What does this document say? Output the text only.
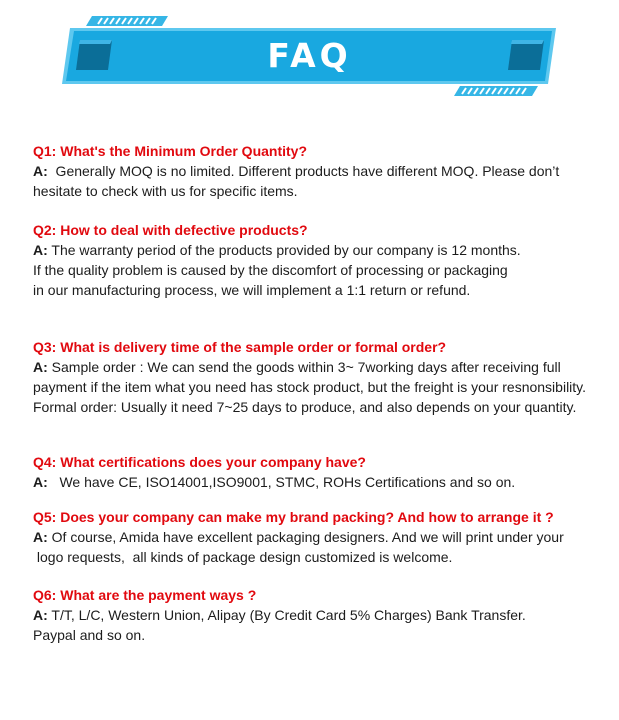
FAQ
Q1: What's the Minimum Order Quantity?
A:  Generally MOQ is no limited. Different products have different MOQ. Please don’t
hesitate to check with us for specific items.
Q2: How to deal with defective products?
A: The warranty period of the products provided by our company is 12 months.
If the quality problem is caused by the discomfort of processing or packaging
in our manufacturing process, we will implement a 1:1 return or refund.
Q3: What is delivery time of the sample order or formal order?
A: Sample order : We can send the goods within 3~ 7working days after receiving full
payment if the item what you need has stock product, but the freight is your resnonsibility.
Formal order: Usually it need 7~25 days to produce, and also depends on your quantity.
Q4: What certifications does your company have?
A:   We have CE, ISO14001,ISO9001, STMC, ROHs Certifications and so on.
Q5: Does your company can make my brand packing? And how to arrange it ?
A: Of course, Amida have excellent packaging designers. And we will print under your
logo requests,  all kinds of package design customized is welcome.
Q6: What are the payment ways ?
A: T/T, L/C, Western Union, Alipay (By Credit Card 5% Charges) Bank Transfer.
Paypal and so on.
